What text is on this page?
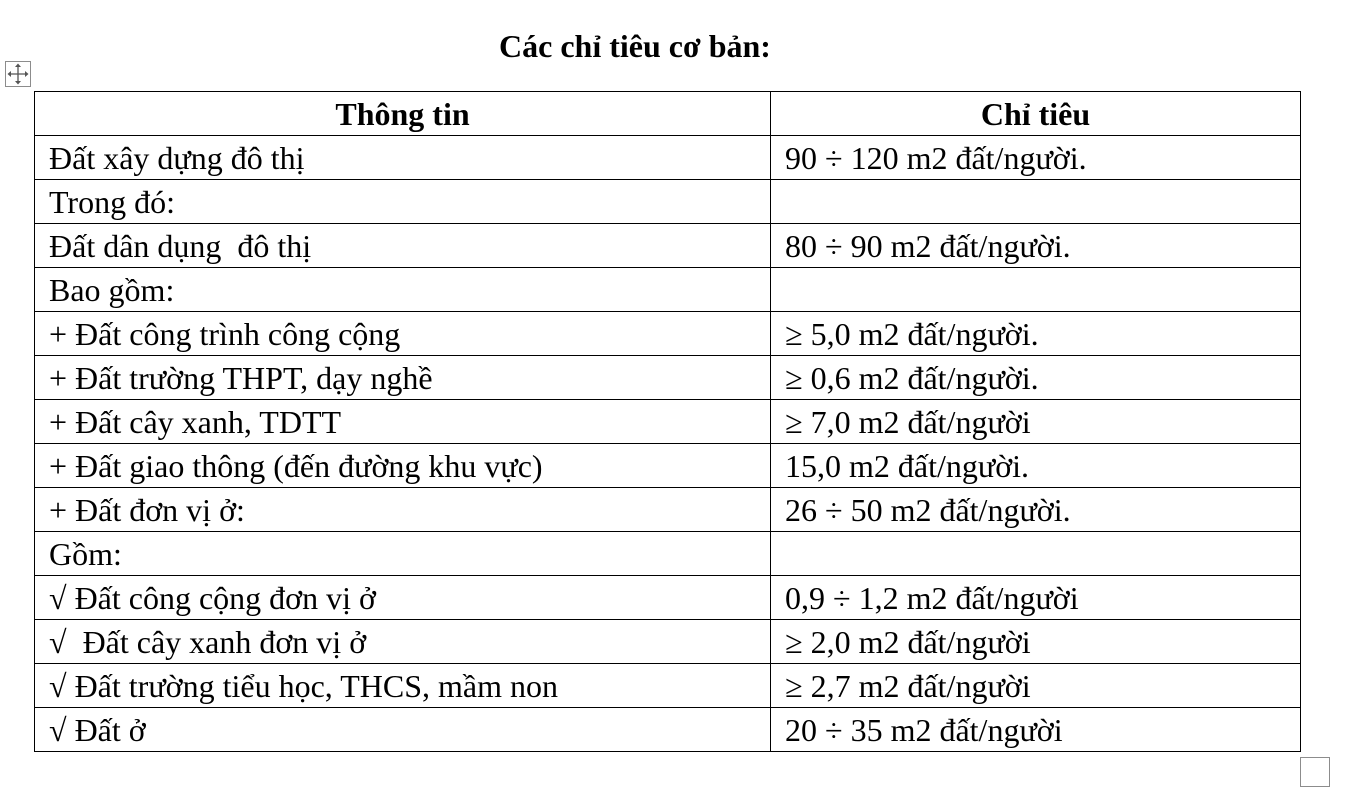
Các chỉ tiêu cơ bản:
Thông tin	Chỉ tiêu
Đất xây dựng đô thị	90 ÷ 120 m2 đất/người.
Trong đó:	
Đất dân dụng  đô thị	80 ÷ 90 m2 đất/người.
Bao gồm:	
+ Đất công trình công cộng	≥ 5,0 m2 đất/người.
+ Đất trường THPT, dạy nghề	≥ 0,6 m2 đất/người.
+ Đất cây xanh, TDTT	≥ 7,0 m2 đất/người
+ Đất giao thông (đến đường khu vực)	15,0 m2 đất/người.
+ Đất đơn vị ở:	26 ÷ 50 m2 đất/người.
Gồm:	
√ Đất công cộng đơn vị ở	0,9 ÷ 1,2 m2 đất/người
√  Đất cây xanh đơn vị ở	≥ 2,0 m2 đất/người
√ Đất trường tiểu học, THCS, mầm non	≥ 2,7 m2 đất/người
√ Đất ở	20 ÷ 35 m2 đất/người
